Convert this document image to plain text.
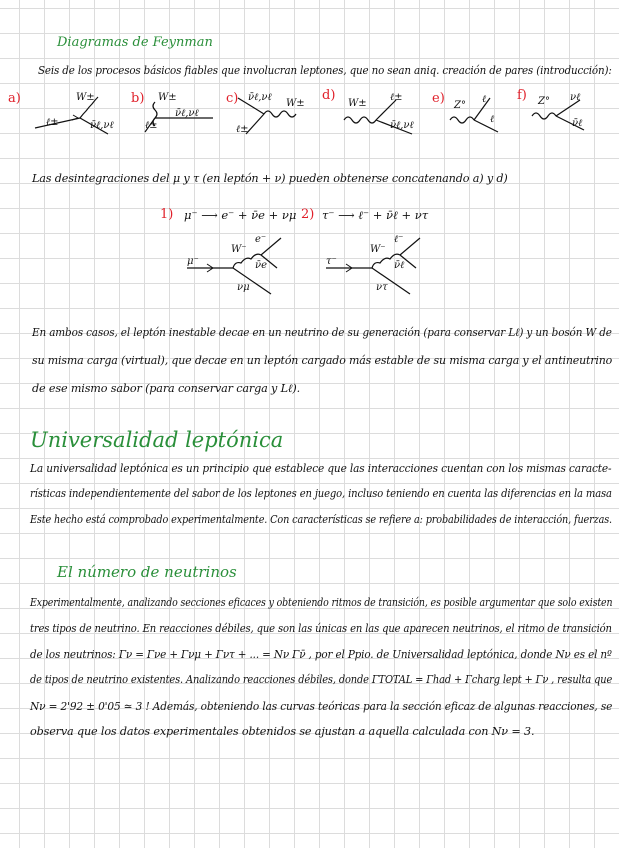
Diagramas de Feynman
Seis de los procesos básicos fiables que involucran leptones, que no sean aniq. creación de pares (introducción):
a)	b)	c)	d)	e)	f)
ℓ±
W±
ν̄ℓ,νℓ
W±
ℓ±
ν̄ℓ,νℓ
ν̄ℓ,νℓ
ℓ±
W±	W±
ℓ±
ν̄ℓ,νℓ
Z°
ℓ
ℓ
Z° νℓ
ν̄ℓ
Las desintegraciones del μ y τ (en leptón + ν) pueden obtenerse concatenando a) y d)
1) μ⁻ ⟶ e⁻ + ν̄e + νμ 2) τ⁻ ⟶ ℓ⁻ + ν̄ℓ + ντ
μ⁻
W⁻
e⁻
ν̄e
νμ
τ⁻
W⁻
ℓ⁻
ν̄ℓ
ντ
En ambos casos, el leptón inestable decae en un neutrino de su generación (para conservar Lℓ) y un bosón W de
su misma carga (virtual), que decae en un leptón cargado más estable de su misma carga y el antineutrino
de ese mismo sabor (para conservar carga y Lℓ).
Universalidad leptónica
La universalidad leptónica es un principio que establece que las interacciones cuentan con los mismas caracte-
rísticas independientemente del sabor de los leptones en juego, incluso teniendo en cuenta las diferencias en la masa
Este hecho está comprobado experimentalmente. Con características se refiere a: probabilidades de interacción, fuerzas.
El número de neutrinos
Experimentalmente, analizando secciones eficaces y obteniendo ritmos de transición, es posible argumentar que solo existen
tres tipos de neutrino. En reacciones débiles, que son las únicas en las que aparecen neutrinos, el ritmo de transición
de los neutrinos: Γν = Γνe + Γνμ + Γντ + ... = Nν Γν̄ , por el Ppio. de Universalidad leptónica, donde Nν es el nº
de tipos de neutrino existentes. Analizando reacciones débiles, donde ΓTOTAL = Γhad + Γcharg lept + Γν , resulta que
Nν = 2'92 ± 0'05 ≃ 3 ! Además, obteniendo las curvas teóricas para la sección eficaz de algunas reacciones, se
observa que los datos experimentales obtenidos se ajustan a aquella calculada con Nν = 3.
